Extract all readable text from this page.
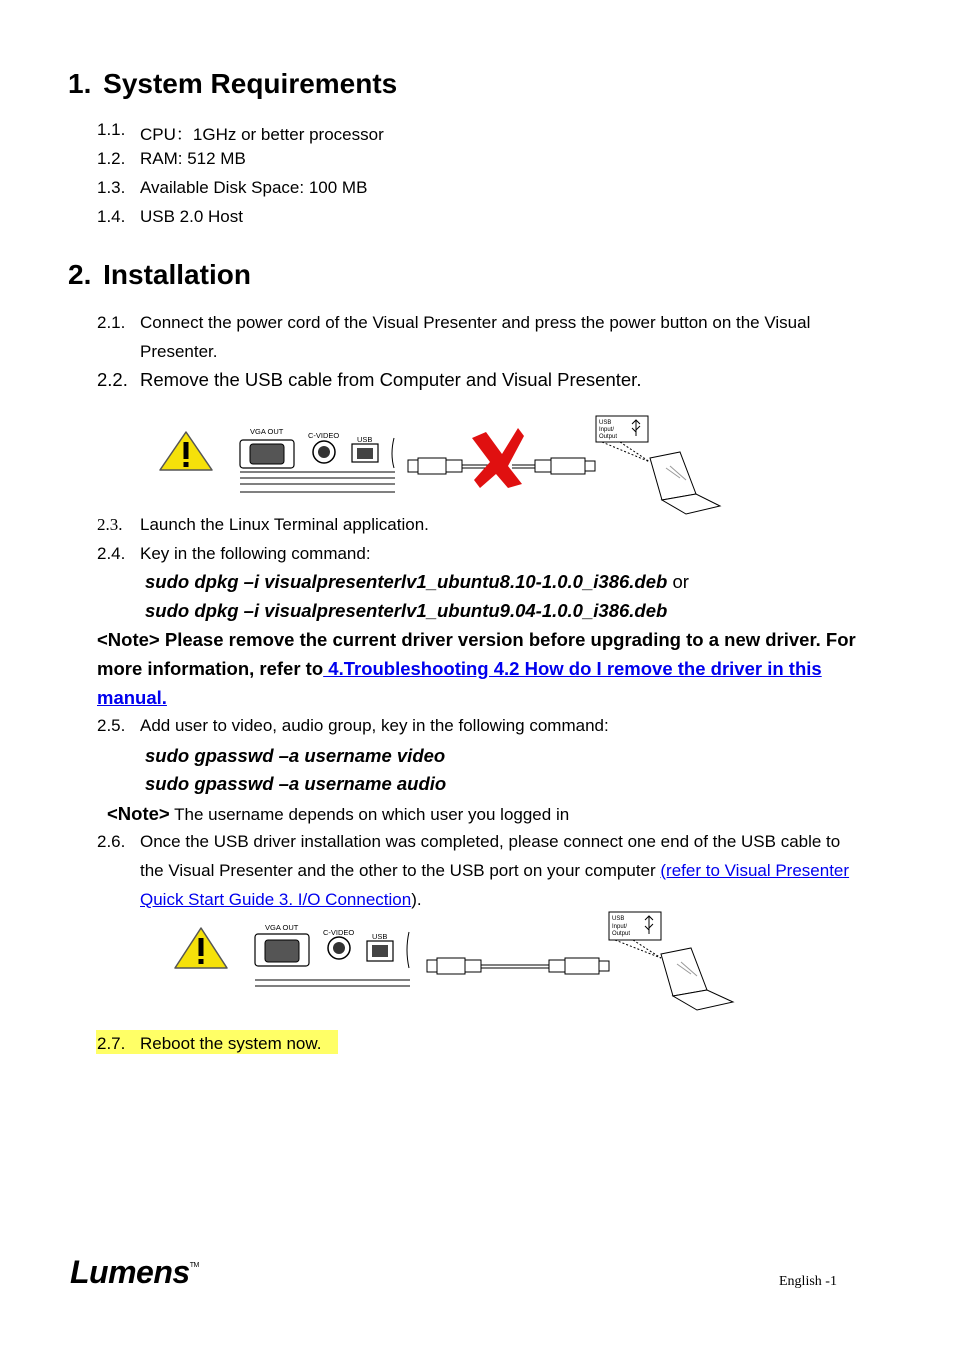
1. System Requirements
1.1. CPU：1GHz or better processor
1.2. RAM: 512 MB
1.3. Available Disk Space: 100 MB
1.4. USB 2.0 Host
2. Installation
2.1. Connect the power cord of the Visual Presenter and press the power button on the Visual
Presenter.
2.2. Remove the USB cable from Computer and Visual Presenter.
VGA OUT	C-VIDEO USB
USB
Input/
Output
2.3. Launch the Linux Terminal application.
2.4. Key in the following command:
sudo dpkg –i visualpresenterlv1_ubuntu8.10-1.0.0_i386.deb or
sudo dpkg –i visualpresenterlv1_ubuntu9.04-1.0.0_i386.deb
<Note> Please remove the current driver version before upgrading to a new driver. For
more information, refer to 4.Troubleshooting 4.2 How do I remove the driver in this
manual.
2.5. Add user to video, audio group, key in the following command:
sudo gpasswd –a username video
sudo gpasswd –a username audio
<Note> The username depends on which user you logged in
2.6. Once the USB driver installation was completed, please connect one end of the USB cable to
the Visual Presenter and the other to the USB port on your computer (refer to Visual Presenter
Quick Start Guide 3. I/O Connection).
VGA OUT
C-VIDEO USB
USB
Input/
Output
2.7. Reboot the system now.
Lumens™
English -1
